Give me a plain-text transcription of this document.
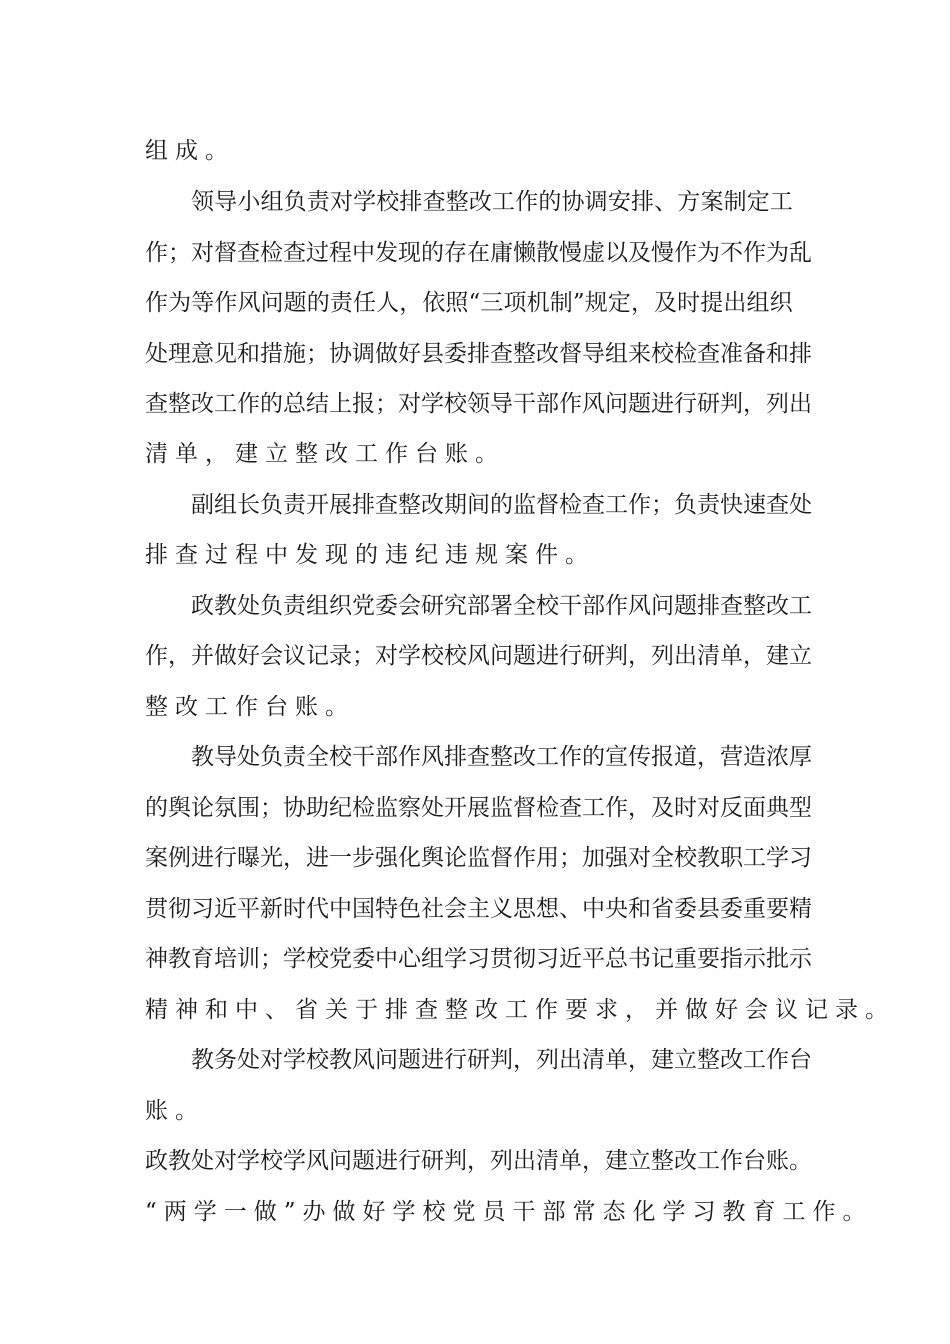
组成。
领 导 小 组 负 责 对 学 校 排 查 整 改 工 作 的 协 调 安 排 、 方 案 制 定 工
作 ； 对 督 查 检 查 过 程 中 发 现 的 存 在 庸 懒 散 慢 虚 以 及 慢 作 为 不 作 为 乱
作 为 等 作 风 问 题 的 责 任 人 ， 依 照 “ 三 项 机 制 ” 规 定 ， 及 时 提 出 组 织
处 理 意 见 和 措 施 ； 协 调 做 好 县 委 排 查 整 改 督 导 组 来 校 检 查 准 备 和 排
查 整 改 工 作 的 总 结 上 报 ； 对 学 校 领 导 干 部 作 风 问 题 进 行 研 判 ， 列 出
清单，建立整改工作台账。
副 组 长 负 责 开 展 排 查 整 改 期 间 的 监 督 检 查 工 作 ； 负 责 快 速 查 处
排查过程中发现的违纪违规案件。
政 教 处 负 责 组 织 党 委 会 研 究 部 署 全 校 干 部 作 风 问 题 排 查 整 改 工
作 ， 并 做 好 会 议 记 录 ； 对 学 校 校 风 问 题 进 行 研 判 ， 列 出 清 单 ， 建 立
整改工作台账。
教 导 处 负 责 全 校 干 部 作 风 排 查 整 改 工 作 的 宣 传 报 道 ， 营 造 浓 厚
的 舆 论 氛 围 ； 协 助 纪 检 监 察 处 开 展 监 督 检 查 工 作 ， 及 时 对 反 面 典 型
案 例 进 行 曝 光 ， 进 一 步 强 化 舆 论 监 督 作 用 ； 加 强 对 全 校 教 职 工 学 习
贯 彻 习 近 平 新 时 代 中 国 特 色 社 会 主 义 思 想 、 中 央 和 省 委 县 委 重 要 精
神 教 育 培 训 ； 学 校 党 委 中 心 组 学 习 贯 彻 习 近 平 总 书 记 重 要 指 示 批 示
精神和中、省关于排查整改工作要求，并做好会议记录。
教 务 处 对 学 校 教 风 问 题 进 行 研 判 ， 列 出 清 单 ， 建 立 整 改 工 作 台
账。
政 教 处 对 学 校 学 风 问 题 进 行 研 判 ， 列 出 清 单 ， 建 立 整 改 工 作 台 账 。
“两学一做”办做好学校党员干部常态化学习教育工作。
